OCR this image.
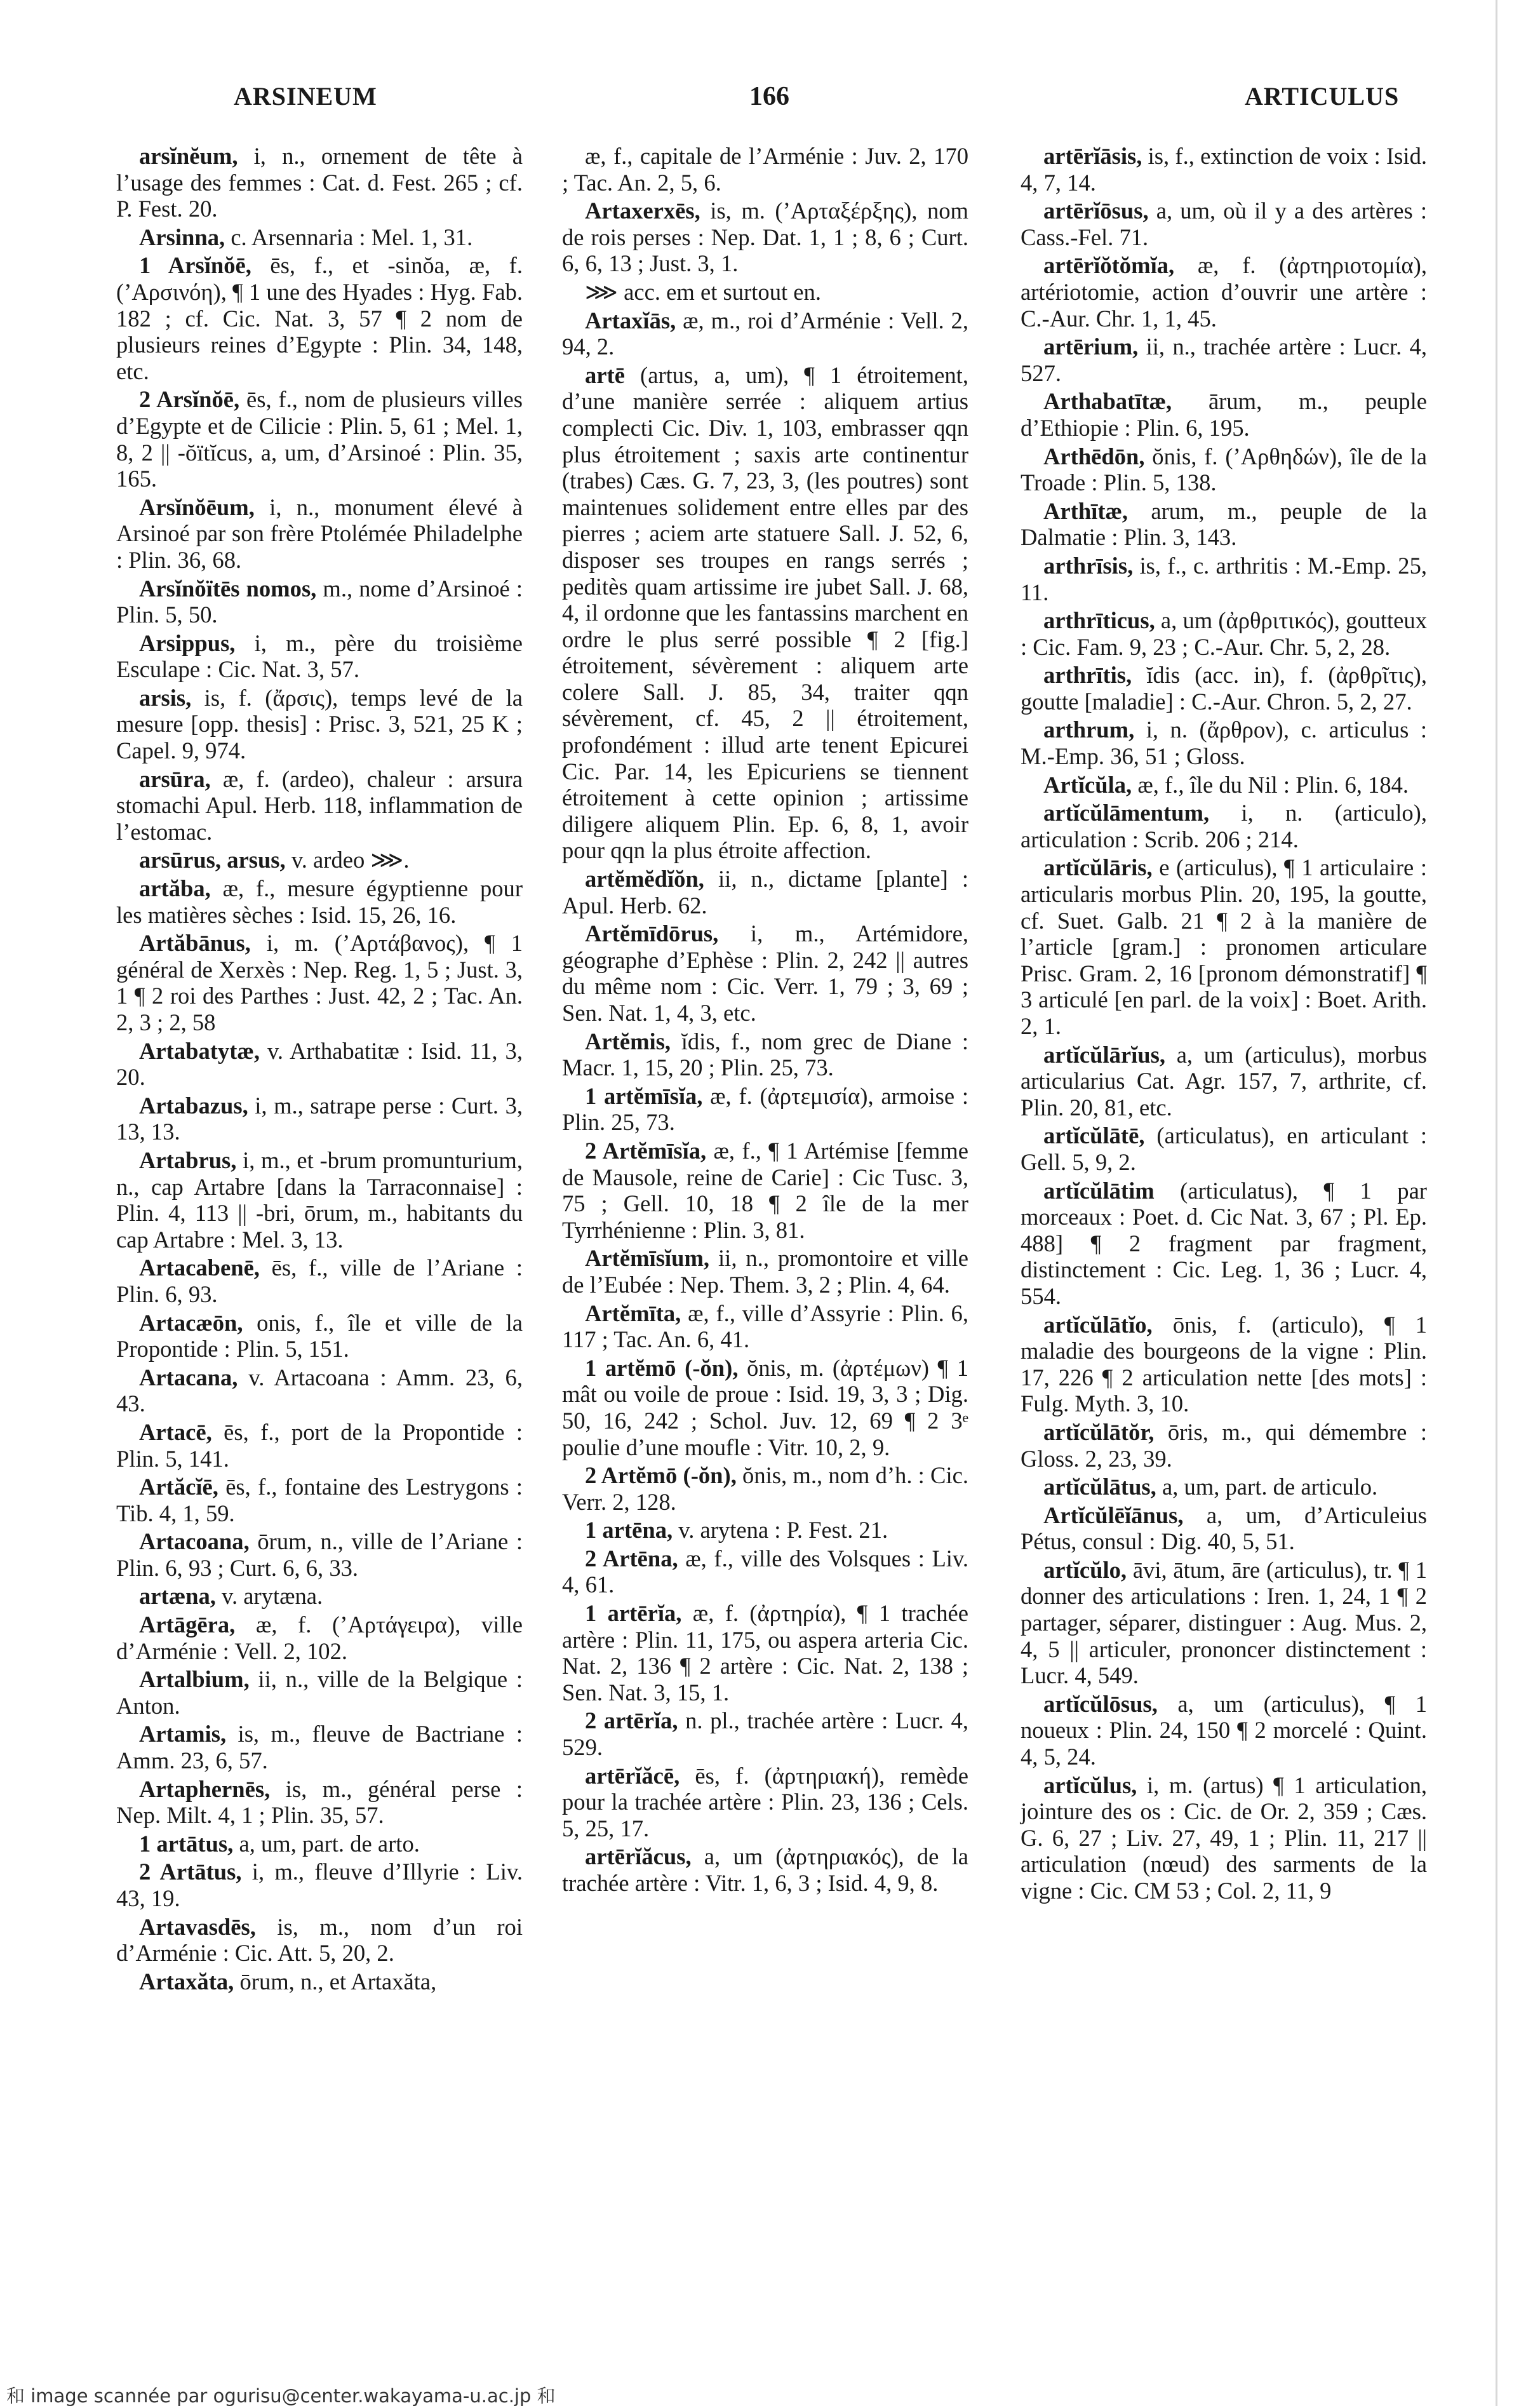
ARSINEUM	166	ARTICULUS

arsĭnĕum, i, n., ornement de tête à l’usage des femmes : Cat. d. Fest. 265 ; cf. P. Fest. 20.

Arsinna, c. Arsennaria : Mel. 1, 31.

1 Arsĭnŏē, ēs, f., et -sinŏa, æ, f. (’Αρσινόη), ¶ 1 une des Hyades : Hyg. Fab. 182 ; cf. Cic. Nat. 3, 57 ¶ 2 nom de plusieurs reines d’Egypte : Plin. 34, 148, etc.

2 Arsĭnŏē, ēs, f., nom de plusieurs villes d’Egypte et de Cilicie : Plin. 5, 61 ; Mel. 1, 8, 2 || -ŏïtĭcus, a, um, d’Arsinoé : Plin. 35, 165.

Arsĭnŏēum, i, n., monument élevé à Arsinoé par son frère Ptolémée Philadelphe : Plin. 36, 68.

Arsĭnŏïtēs nomos, m., nome d’Arsinoé : Plin. 5, 50.

Arsippus, i, m., père du troisième Esculape : Cic. Nat. 3, 57.

arsis, is, f. (ἄρσις), temps levé de la mesure [opp. thesis] : Prisc. 3, 521, 25 K ; Capel. 9, 974.

arsūra, æ, f. (ardeo), chaleur : arsura stomachi Apul. Herb. 118, inflammation de l’estomac.

arsūrus, arsus, v. ardeo ⋙.

artăba, æ, f., mesure égyptienne pour les matières sèches : Isid. 15, 26, 16.

Artăbānus, i, m. (’Αρτάβανος), ¶ 1 général de Xerxès : Nep. Reg. 1, 5 ; Just. 3, 1 ¶ 2 roi des Parthes : Just. 42, 2 ; Tac. An. 2, 3 ; 2, 58

Artabatytæ, v. Arthabatitæ : Isid. 11, 3, 20.

Artabazus, i, m., satrape perse : Curt. 3, 13, 13.

Artabrus, i, m., et -brum promunturium, n., cap Artabre [dans la Tarraconnaise] : Plin. 4, 113 || -bri, ōrum, m., habitants du cap Artabre : Mel. 3, 13.

Artacabenē, ēs, f., ville de l’Ariane : Plin. 6, 93.

Artacæōn, onis, f., île et ville de la Propontide : Plin. 5, 151.

Artacana, v. Artacoana : Amm. 23, 6, 43.

Artacē, ēs, f., port de la Propontide : Plin. 5, 141.

Artăcĭē, ēs, f., fontaine des Lestrygons : Tib. 4, 1, 59.

Artacoana, ōrum, n., ville de l’Ariane : Plin. 6, 93 ; Curt. 6, 6, 33.

artæna, v. arytæna.

Artāgēra, æ, f. (’Αρτάγειρα), ville d’Arménie : Vell. 2, 102.

Artalbium, ii, n., ville de la Belgique : Anton.

Artamis, is, m., fleuve de Bactriane : Amm. 23, 6, 57.

Artaphernēs, is, m., général perse : Nep. Milt. 4, 1 ; Plin. 35, 57.

1 artātus, a, um, part. de arto.

2 Artātus, i, m., fleuve d’Illyrie : Liv. 43, 19.

Artavasdēs, is, m., nom d’un roi d’Arménie : Cic. Att. 5, 20, 2.

Artaxăta, ōrum, n., et Artaxăta,

æ, f., capitale de l’Arménie : Juv. 2, 170 ; Tac. An. 2, 5, 6.

Artaxerxēs, is, m. (’Αρταξέρξης), nom de rois perses : Nep. Dat. 1, 1 ; 8, 6 ; Curt. 6, 6, 13 ; Just. 3, 1.

⋙ acc. em et surtout en.

Artaxĭās, æ, m., roi d’Arménie : Vell. 2, 94, 2.

artē (artus, a, um), ¶ 1 étroitement, d’une manière serrée : aliquem artius complecti Cic. Div. 1, 103, embrasser qqn plus étroitement ; saxis arte continentur (trabes) Cæs. G. 7, 23, 3, (les poutres) sont maintenues solidement entre elles par des pierres ; aciem arte statuere Sall. J. 52, 6, disposer ses troupes en rangs serrés ; peditès quam artissime ire jubet Sall. J. 68, 4, il ordonne que les fantassins marchent en ordre le plus serré possible ¶ 2 [fig.] étroitement, sévèrement : aliquem arte colere Sall. J. 85, 34, traiter qqn sévèrement, cf. 45, 2 || étroitement, profondément : illud arte tenent Epicurei Cic. Par. 14, les Epicuriens se tiennent étroitement à cette opinion ; artissime diligere aliquem Plin. Ep. 6, 8, 1, avoir pour qqn la plus étroite affection.

artĕmĕdĭŏn, ii, n., dictame [plante] : Apul. Herb. 62.

Artĕmīdōrus, i, m., Artémidore, géographe d’Ephèse : Plin. 2, 242 || autres du même nom : Cic. Verr. 1, 79 ; 3, 69 ; Sen. Nat. 1, 4, 3, etc.

Artĕmis, ĭdis, f., nom grec de Diane : Macr. 1, 15, 20 ; Plin. 25, 73.

1 artĕmīsĭa, æ, f. (ἀρτεμισία), armoise : Plin. 25, 73.

2 Artĕmīsĭa, æ, f., ¶ 1 Artémise [femme de Mausole, reine de Carie] : Cic Tusc. 3, 75 ; Gell. 10, 18 ¶ 2 île de la mer Tyrrhénienne : Plin. 3, 81.

Artĕmīsĭum, ii, n., promontoire et ville de l’Eubée : Nep. Them. 3, 2 ; Plin. 4, 64.

Artĕmīta, æ, f., ville d’Assyrie : Plin. 6, 117 ; Tac. An. 6, 41.

1 artĕmō (-ŏn), ŏnis, m. (ἀρτέμων) ¶ 1 mât ou voile de proue : Isid. 19, 3, 3 ; Dig. 50, 16, 242 ; Schol. Juv. 12, 69 ¶ 2 3ᵉ poulie d’une moufle : Vitr. 10, 2, 9.

2 Artĕmō (-ŏn), ŏnis, m., nom d’h. : Cic. Verr. 2, 128.

1 artēna, v. arytena : P. Fest. 21.

2 Artēna, æ, f., ville des Volsques : Liv. 4, 61.

1 artērĭa, æ, f. (ἀρτηρία), ¶ 1 trachée artère : Plin. 11, 175, ou aspera arteria Cic. Nat. 2, 136 ¶ 2 artère : Cic. Nat. 2, 138 ; Sen. Nat. 3, 15, 1.

2 artērĭa, n. pl., trachée artère : Lucr. 4, 529.

artērĭăcē, ēs, f. (ἀρτηριακή), remède pour la trachée artère : Plin. 23, 136 ; Cels. 5, 25, 17.

artērĭăcus, a, um (ἀρτηριακός), de la trachée artère : Vitr. 1, 6, 3 ; Isid. 4, 9, 8.

artērĭāsis, is, f., extinction de voix : Isid. 4, 7, 14.

artērĭōsus, a, um, où il y a des artères : Cass.-Fel. 71.

artērĭŏtŏmĭa, æ, f. (ἀρτηριοτομία), artériotomie, action d’ouvrir une artère : C.-Aur. Chr. 1, 1, 45.

artērium, ii, n., trachée artère : Lucr. 4, 527.

Arthabatītæ, ārum, m., peuple d’Ethiopie : Plin. 6, 195.

Arthēdōn, ŏnis, f. (’Αρθηδών), île de la Troade : Plin. 5, 138.

Arthītæ, arum, m., peuple de la Dalmatie : Plin. 3, 143.

arthrīsis, is, f., c. arthritis : M.-Emp. 25, 11.

arthrīticus, a, um (ἀρθριτικός), goutteux : Cic. Fam. 9, 23 ; C.-Aur. Chr. 5, 2, 28.

arthrītis, ĭdis (acc. in), f. (ἀρθρῖτις), goutte [maladie] : C.-Aur. Chron. 5, 2, 27.

arthrum, i, n. (ἄρθρον), c. articulus : M.-Emp. 36, 51 ; Gloss.

Artĭcŭla, æ, f., île du Nil : Plin. 6, 184.

artĭcŭlāmentum, i, n. (articulo), articulation : Scrib. 206 ; 214.

artĭcŭlāris, e (articulus), ¶ 1 articulaire : articularis morbus Plin. 20, 195, la goutte, cf. Suet. Galb. 21 ¶ 2 à la manière de l’article [gram.] : pronomen articulare Prisc. Gram. 2, 16 [pronom démonstratif] ¶ 3 articulé [en parl. de la voix] : Boet. Arith. 2, 1.

artĭcŭlārĭus, a, um (articulus), morbus articularius Cat. Agr. 157, 7, arthrite, cf. Plin. 20, 81, etc.

artĭcŭlātē, (articulatus), en articulant : Gell. 5, 9, 2.

artĭcŭlātim (articulatus), ¶ 1 par morceaux : Poet. d. Cic Nat. 3, 67 ; Pl. Ep. 488] ¶ 2 fragment par fragment, distinctement : Cic. Leg. 1, 36 ; Lucr. 4, 554.

artĭcŭlātĭo, ōnis, f. (articulo), ¶ 1 maladie des bourgeons de la vigne : Plin. 17, 226 ¶ 2 articulation nette [des mots] : Fulg. Myth. 3, 10.

artĭcŭlātŏr, ōris, m., qui démembre : Gloss. 2, 23, 39.

artĭcŭlātus, a, um, part. de articulo.

Artĭcŭlēĭānus, a, um, d’Articuleius Pétus, consul : Dig. 40, 5, 51.

artĭcŭlo, āvi, ātum, āre (articulus), tr. ¶ 1 donner des articulations : Iren. 1, 24, 1 ¶ 2 partager, séparer, distinguer : Aug. Mus. 2, 4, 5 || articuler, prononcer distinctement : Lucr. 4, 549.

artĭcŭlōsus, a, um (articulus), ¶ 1 noueux : Plin. 24, 150 ¶ 2 morcelé : Quint. 4, 5, 24.

artĭcŭlus, i, m. (artus) ¶ 1 articulation, jointure des os : Cic. de Or. 2, 359 ; Cæs. G. 6, 27 ; Liv. 27, 49, 1 ; Plin. 11, 217 || articulation (nœud) des sarments de la vigne : Cic. CM 53 ; Col. 2, 11, 9

和 image scannée par ogurisu@center.wakayama-u.ac.jp 和
